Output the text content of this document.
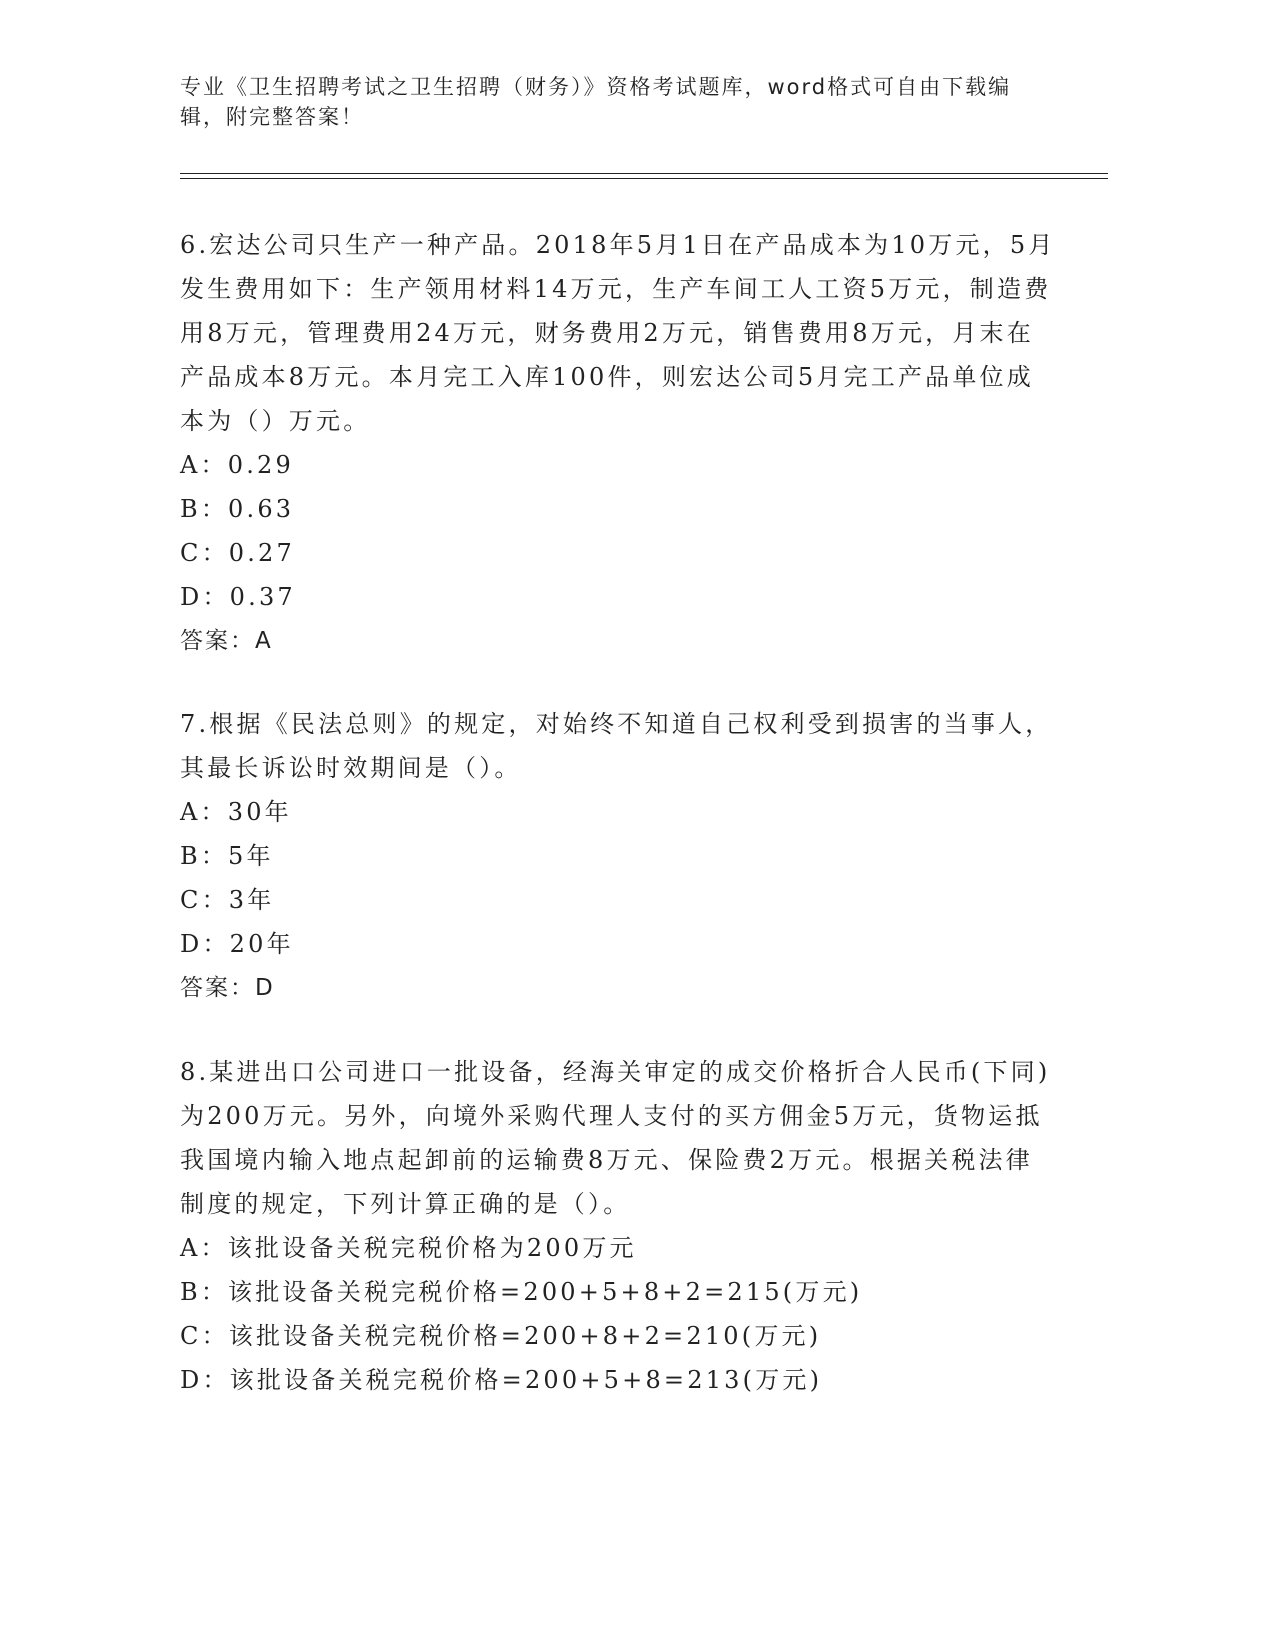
专业《卫生招聘考试之卫生招聘（财务）》资格考试题库，word格式可自由下载编辑，附完整答案！

6.宏达公司只生产一种产品。2018年5月1日在产品成本为10万元，5月发生费用如下：生产领用材料14万元，生产车间工人工资5万元，制造费用8万元，管理费用24万元，财务费用2万元，销售费用8万元，月末在产品成本8万元。本月完工入库100件，则宏达公司5月完工产品单位成本为（）万元。

A：0.29
B：0.63
C：0.27
D：0.37
答案：A

7.根据《民法总则》的规定，对始终不知道自己权利受到损害的当事人，其最长诉讼时效期间是（）。

A：30年
B：5年
C：3年
D：20年
答案：D

8.某进出口公司进口一批设备，经海关审定的成交价格折合人民币(下同)为200万元。另外，向境外采购代理人支付的买方佣金5万元，货物运抵我国境内输入地点起卸前的运输费8万元、保险费2万元。根据关税法律制度的规定，下列计算正确的是（）。

A：该批设备关税完税价格为200万元
B：该批设备关税完税价格=200+5+8+2=215(万元)
C：该批设备关税完税价格=200+8+2=210(万元)
D：该批设备关税完税价格=200+5+8=213(万元)
